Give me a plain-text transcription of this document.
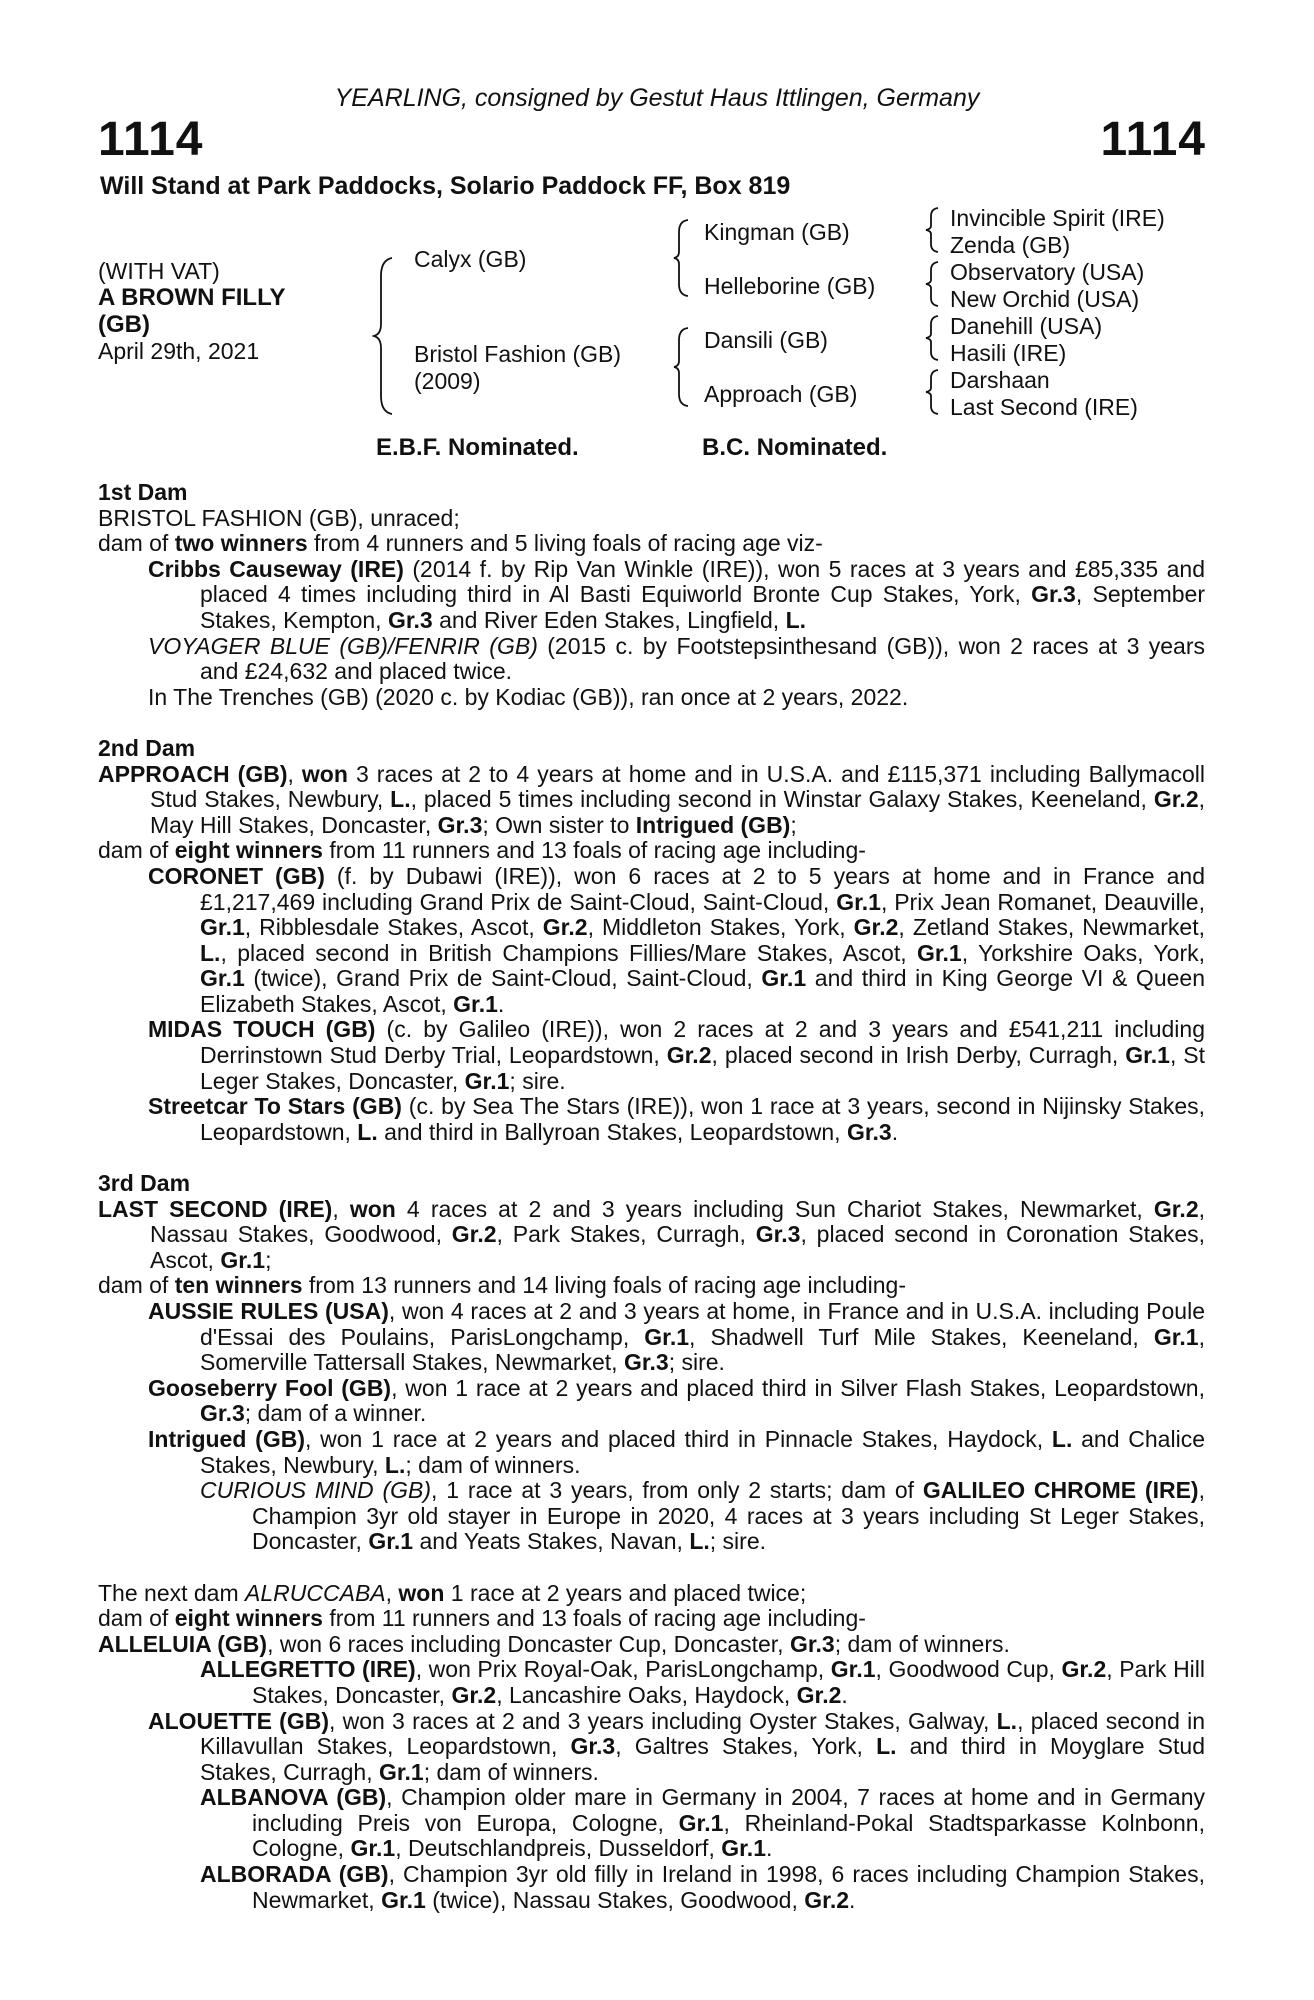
YEARLING, consigned by Gestut Haus Ittlingen, Germany
1114	1114
Will Stand at Park Paddocks, Solario Paddock FF, Box 819
(WITH VAT)
A BROWN FILLY
(GB)
April 29th, 2021
Calyx (GB)
Bristol Fashion (GB)
(2009)
Kingman (GB)
Helleborine (GB)
Dansili (GB)
Approach (GB)
Invincible Spirit (IRE)
Zenda (GB)
Observatory (USA)
New Orchid (USA)
Danehill (USA)
Hasili (IRE)
Darshaan
Last Second (IRE)
E.B.F. Nominated.	B.C. Nominated.

1st Dam

BRISTOL FASHION (GB), unraced;

dam of two winners from 4 runners and 5 living foals of racing age viz-

Cribbs Causeway (IRE) (2014 f. by Rip Van Winkle (IRE)), won 5 races at 3 years and £85,335 and placed 4 times including third in Al Basti Equiworld Bronte Cup Stakes, York, Gr.3, September Stakes, Kempton, Gr.3 and River Eden Stakes, Lingfield, L.

VOYAGER BLUE (GB)/FENRIR (GB) (2015 c. by Footstepsinthesand (GB)), won 2 races at 3 years and £24,632 and placed twice.

In The Trenches (GB) (2020 c. by Kodiac (GB)), ran once at 2 years, 2022.

2nd Dam

APPROACH (GB), won 3 races at 2 to 4 years at home and in U.S.A. and £115,371 including Ballymacoll Stud Stakes, Newbury, L., placed 5 times including second in Winstar Galaxy Stakes, Keeneland, Gr.2, May Hill Stakes, Doncaster, Gr.3; Own sister to Intrigued (GB);

dam of eight winners from 11 runners and 13 foals of racing age including-

CORONET (GB) (f. by Dubawi (IRE)), won 6 races at 2 to 5 years at home and in France and £1,217,469 including Grand Prix de Saint-Cloud, Saint-Cloud, Gr.1, Prix Jean Romanet, Deauville, Gr.1, Ribblesdale Stakes, Ascot, Gr.2, Middleton Stakes, York, Gr.2, Zetland Stakes, Newmarket, L., placed second in British Champions Fillies/Mare Stakes, Ascot, Gr.1, Yorkshire Oaks, York, Gr.1 (twice), Grand Prix de Saint-Cloud, Saint-Cloud, Gr.1 and third in King George VI & Queen Elizabeth Stakes, Ascot, Gr.1.

MIDAS TOUCH (GB) (c. by Galileo (IRE)), won 2 races at 2 and 3 years and £541,211 including Derrinstown Stud Derby Trial, Leopardstown, Gr.2, placed second in Irish Derby, Curragh, Gr.1, St Leger Stakes, Doncaster, Gr.1; sire.

Streetcar To Stars (GB) (c. by Sea The Stars (IRE)), won 1 race at 3 years, second in Nijinsky Stakes, Leopardstown, L. and third in Ballyroan Stakes, Leopardstown, Gr.3.

3rd Dam

LAST SECOND (IRE), won 4 races at 2 and 3 years including Sun Chariot Stakes, Newmarket, Gr.2, Nassau Stakes, Goodwood, Gr.2, Park Stakes, Curragh, Gr.3, placed second in Coronation Stakes, Ascot, Gr.1;

dam of ten winners from 13 runners and 14 living foals of racing age including-

AUSSIE RULES (USA), won 4 races at 2 and 3 years at home, in France and in U.S.A. including Poule d'Essai des Poulains, ParisLongchamp, Gr.1, Shadwell Turf Mile Stakes, Keeneland, Gr.1, Somerville Tattersall Stakes, Newmarket, Gr.3; sire.

Gooseberry Fool (GB), won 1 race at 2 years and placed third in Silver Flash Stakes, Leopardstown, Gr.3; dam of a winner.

Intrigued (GB), won 1 race at 2 years and placed third in Pinnacle Stakes, Haydock, L. and Chalice Stakes, Newbury, L.; dam of winners.

CURIOUS MIND (GB), 1 race at 3 years, from only 2 starts; dam of GALILEO CHROME (IRE), Champion 3yr old stayer in Europe in 2020, 4 races at 3 years including St Leger Stakes, Doncaster, Gr.1 and Yeats Stakes, Navan, L.; sire.

The next dam ALRUCCABA, won 1 race at 2 years and placed twice;

dam of eight winners from 11 runners and 13 foals of racing age including-

ALLELUIA (GB), won 6 races including Doncaster Cup, Doncaster, Gr.3; dam of winners.

ALLEGRETTO (IRE), won Prix Royal-Oak, ParisLongchamp, Gr.1, Goodwood Cup, Gr.2, Park Hill Stakes, Doncaster, Gr.2, Lancashire Oaks, Haydock, Gr.2.

ALOUETTE (GB), won 3 races at 2 and 3 years including Oyster Stakes, Galway, L., placed second in Killavullan Stakes, Leopardstown, Gr.3, Galtres Stakes, York, L. and third in Moyglare Stud Stakes, Curragh, Gr.1; dam of winners.

ALBANOVA (GB), Champion older mare in Germany in 2004, 7 races at home and in Germany including Preis von Europa, Cologne, Gr.1, Rheinland-Pokal Stadtsparkasse Kolnbonn, Cologne, Gr.1, Deutschlandpreis, Dusseldorf, Gr.1.

ALBORADA (GB), Champion 3yr old filly in Ireland in 1998, 6 races including Champion Stakes, Newmarket, Gr.1 (twice), Nassau Stakes, Goodwood, Gr.2.
